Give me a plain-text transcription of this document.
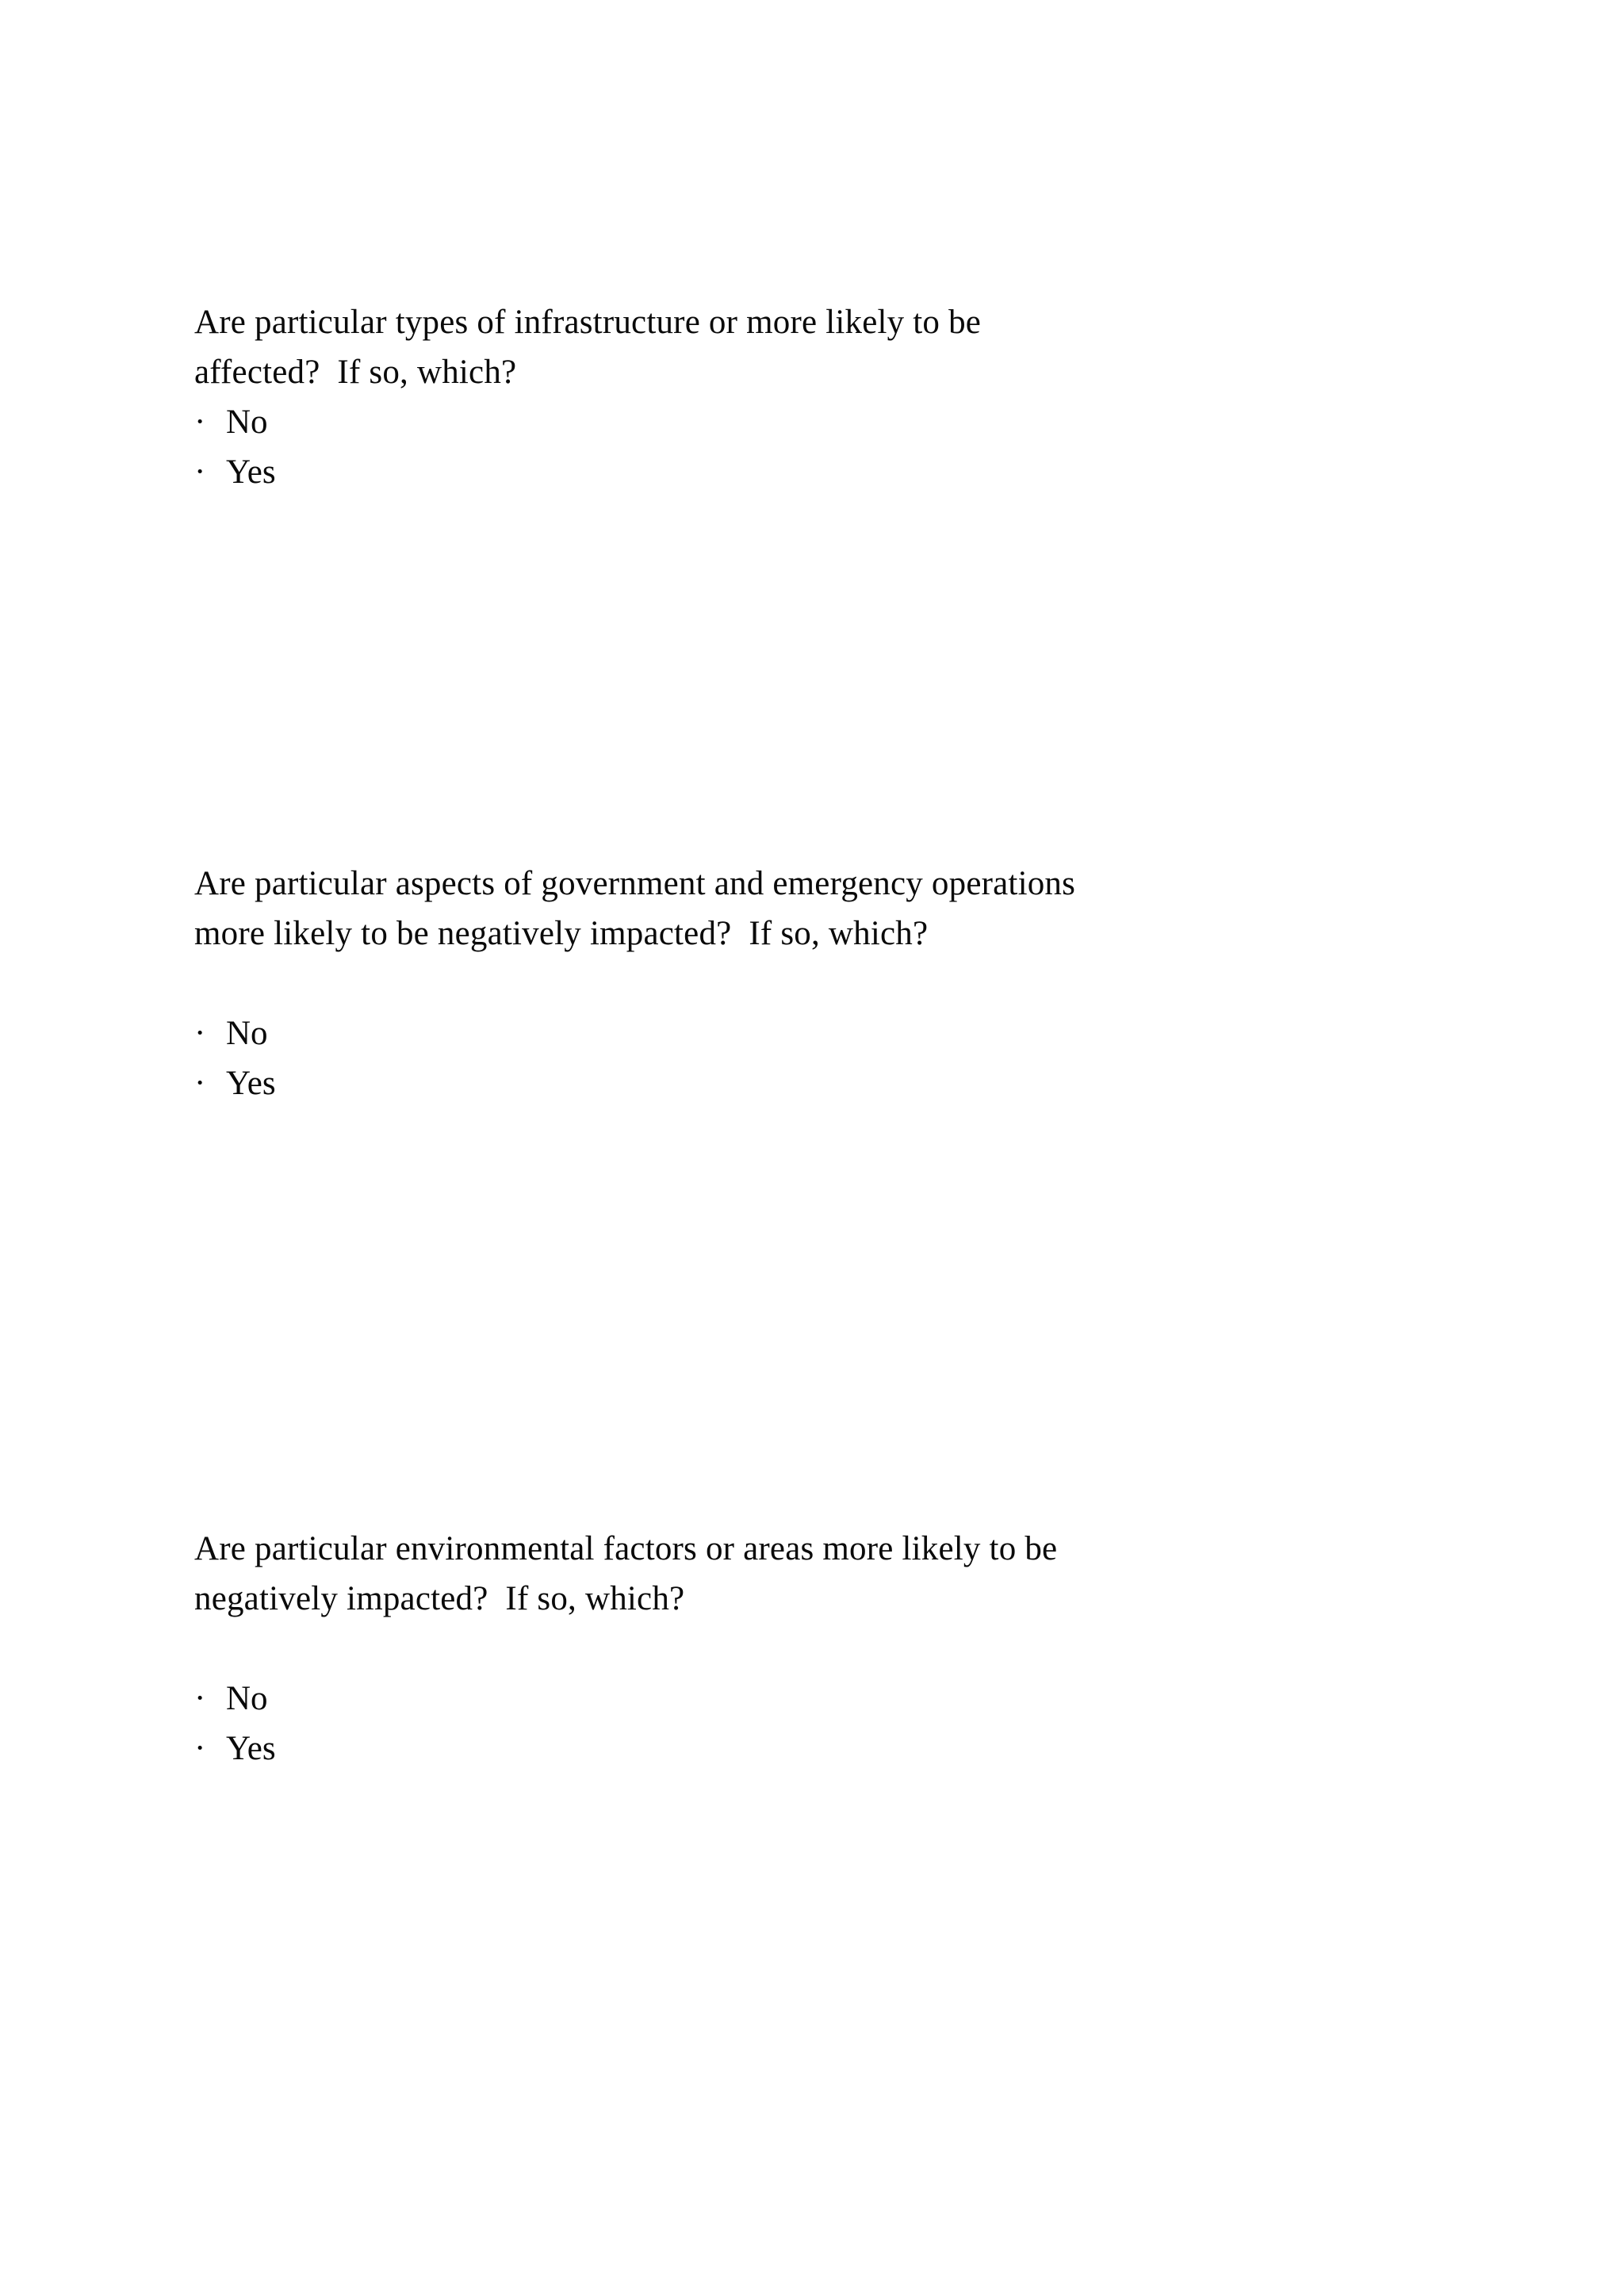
Are particular types of infrastructure or more likely to be
affected?  If so, which?

· No
· Yes

Are particular aspects of government and emergency operations
more likely to be negatively impacted?  If so, which?

· No
· Yes

Are particular environmental factors or areas more likely to be
negatively impacted?  If so, which?

· No
· Yes
